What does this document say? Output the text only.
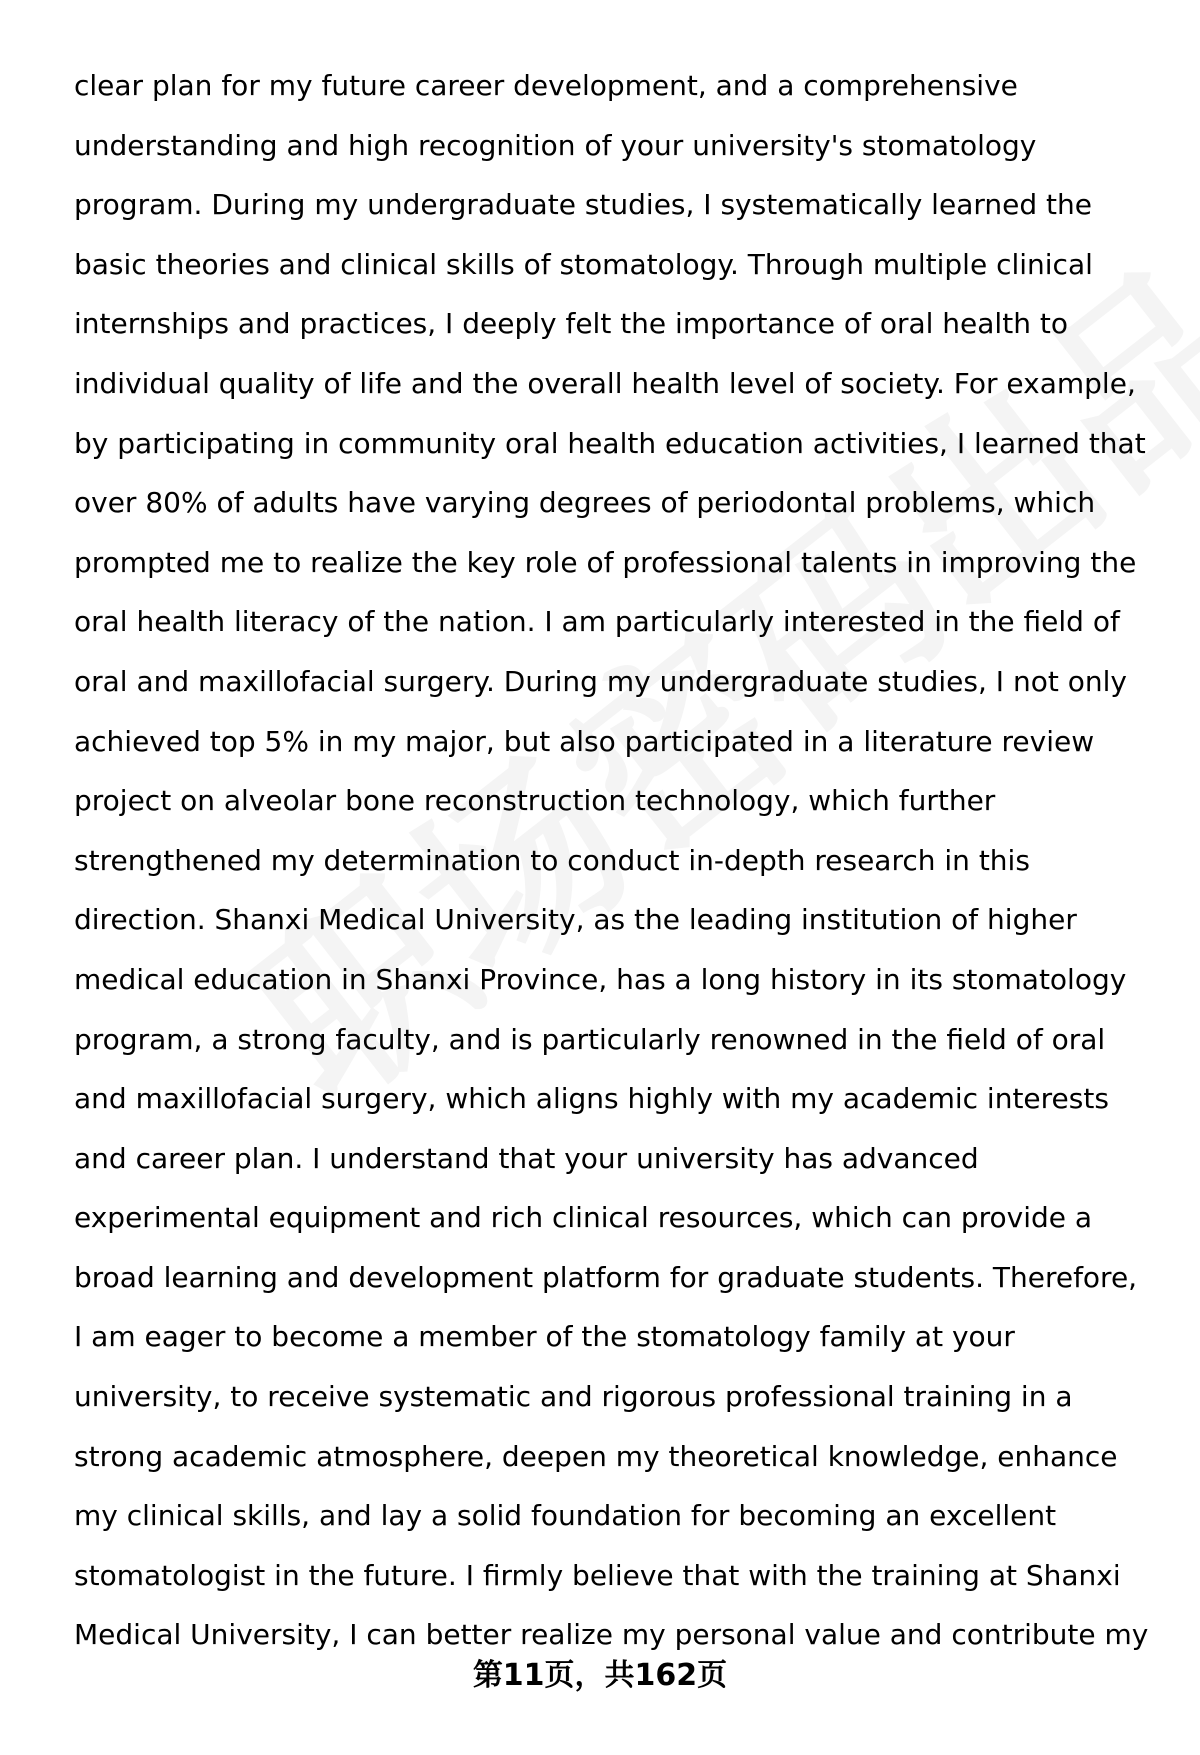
clear plan for my future career development, and a comprehensive
understanding and high recognition of your university's stomatology
program. During my undergraduate studies, I systematically learned the
basic theories and clinical skills of stomatology. Through multiple clinical
internships and practices, I deeply felt the importance of oral health to
individual quality of life and the overall health level of society. For example,
by participating in community oral health education activities, I learned that
over 80% of adults have varying degrees of periodontal problems, which
prompted me to realize the key role of professional talents in improving the
oral health literacy of the nation. I am particularly interested in the field of
oral and maxillofacial surgery. During my undergraduate studies, I not only
achieved top 5% in my major, but also participated in a literature review
project on alveolar bone reconstruction technology, which further
strengthened my determination to conduct in-depth research in this
direction. Shanxi Medical University, as the leading institution of higher
medical education in Shanxi Province, has a long history in its stomatology
program, a strong faculty, and is particularly renowned in the field of oral
and maxillofacial surgery, which aligns highly with my academic interests
and career plan. I understand that your university has advanced
experimental equipment and rich clinical resources, which can provide a
broad learning and development platform for graduate students. Therefore,
I am eager to become a member of the stomatology family at your
university, to receive systematic and rigorous professional training in a
strong academic atmosphere, deepen my theoretical knowledge, enhance
my clinical skills, and lay a solid foundation for becoming an excellent
stomatologist in the future. I firmly believe that with the training at Shanxi
Medical University, I can better realize my personal value and contribute my
第11页，共162页
